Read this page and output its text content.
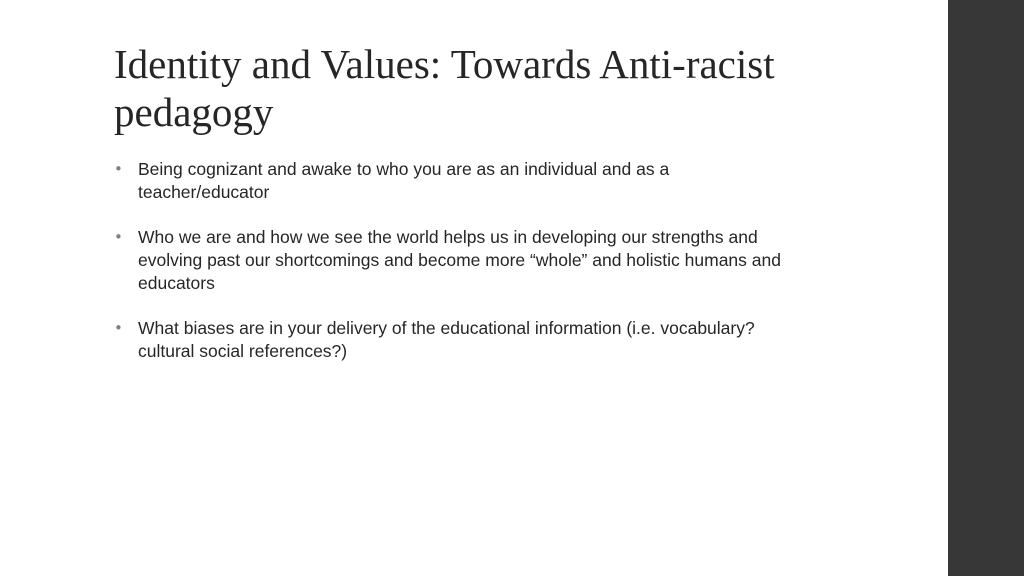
Identity and Values: Towards Anti-racist pedagogy
• Being cognizant and awake to who you are as an individual and as a teacher/educator
• Who we are and how we see the world helps us in developing our strengths and evolving past our shortcomings and become more “whole” and holistic humans and educators
• What biases are in your delivery of the educational information (i.e. vocabulary? cultural social references?)
